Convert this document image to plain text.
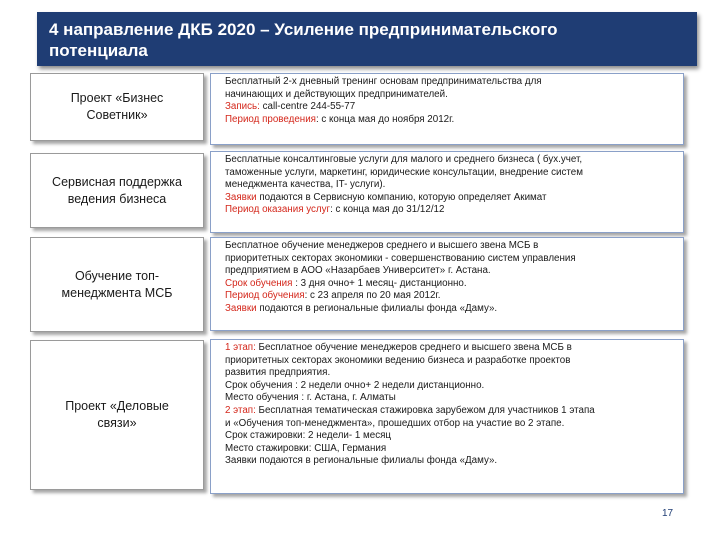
4 направление ДКБ 2020 – Усиление предпринимательского
потенциала
Проект «Бизнес
Советник»
Бесплатный 2-х дневный тренинг основам предпринимательства для
начинающих и действующих предпринимателей.
Запись: call-centre 244-55-77
Период проведения: с конца мая до ноября 2012г.
Сервисная поддержка
ведения бизнеса
Бесплатные консалтинговые услуги для малого и среднего бизнеса ( бух.учет,
таможенные услуги, маркетинг, юридические консультации, внедрение систем
менеджмента качества, IT- услуги).
Заявки подаются в Сервисную компанию, которую определяет Акимат
Период оказания услуг: с конца мая до 31/12/12
Обучение топ-
менеджмента МСБ
Бесплатное обучение менеджеров среднего и высшего звена МСБ в
приоритетных секторах экономики - совершенствованию систем управления
предприятием в АОО «Назарбаев Университет» г. Астана.
Срок обучения : 3 дня очно+ 1 месяц- дистанционно.
Период обучения: с 23 апреля по 20 мая 2012г.
Заявки подаются в региональные филиалы фонда «Даму».
Проект «Деловые
связи»
1 этап: Бесплатное обучение менеджеров среднего и высшего звена МСБ в
приоритетных секторах экономики ведению бизнеса и разработке проектов
развития предприятия.
Срок обучения : 2 недели очно+ 2 недели дистанционно.
Место обучения : г. Астана, г. Алматы
2 этап: Бесплатная тематическая стажировка зарубежом для участников 1 этапа
и «Обучения топ-менеджмента», прошедших отбор на участие во 2 этапе.
Срок стажировки: 2 недели- 1 месяц
Место стажировки: США, Германия
Заявки подаются в региональные филиалы фонда «Даму».
17
